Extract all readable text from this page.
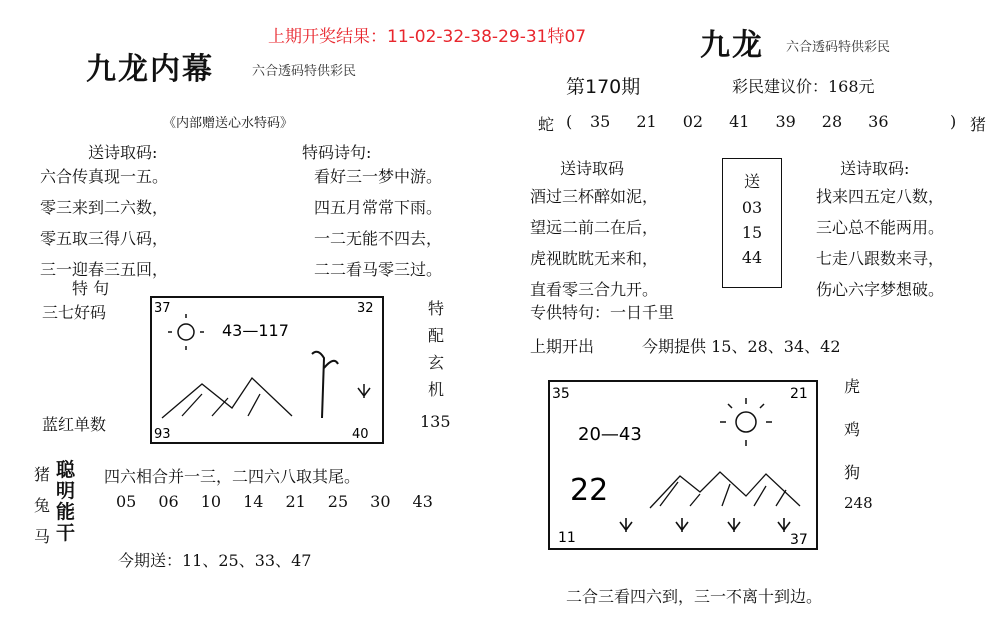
上期开奖结果：11-02-32-38-29-31特07
九龙内幕	六合透码特供彩民
《内部赠送心水特码》
送诗取码:	特码诗句:
六合传真现一五。
零三来到二六数，
零五取三得八码，
三一迎春三五回，
看好三一梦中游。
四五月常常下雨。
一二无能不四去，
二二看马零三过。
特 句
三七好码	37	32
93	40
43—117
特
配
玄
机
蓝红单数	135
猪
兔
马
聪
明
能
干
四六相合并一三，二四六八取其尾。
05 06 10 14 21 25 30 43
今期送：11、25、33、47
九龙 六合透码特供彩民
第170期	彩民建议价：168元
蛇 ( 35 21 02 41 39 28 36	) 猪
送诗取码	送诗取码:
酒过三杯醉如泥，
望远二前二在后，
虎视眈眈无来和，
直看零三合九开。
送
03
15
44
找来四五定八数，
三心总不能两用。
七走八跟数来寻，
伤心六字梦想破。
专供特句：一日千里
上期开出	今期提供 15、28、34、42
35	21
11	37
20—43
22
虎
鸡
狗
248
二合三看四六到，三一不离十到边。
